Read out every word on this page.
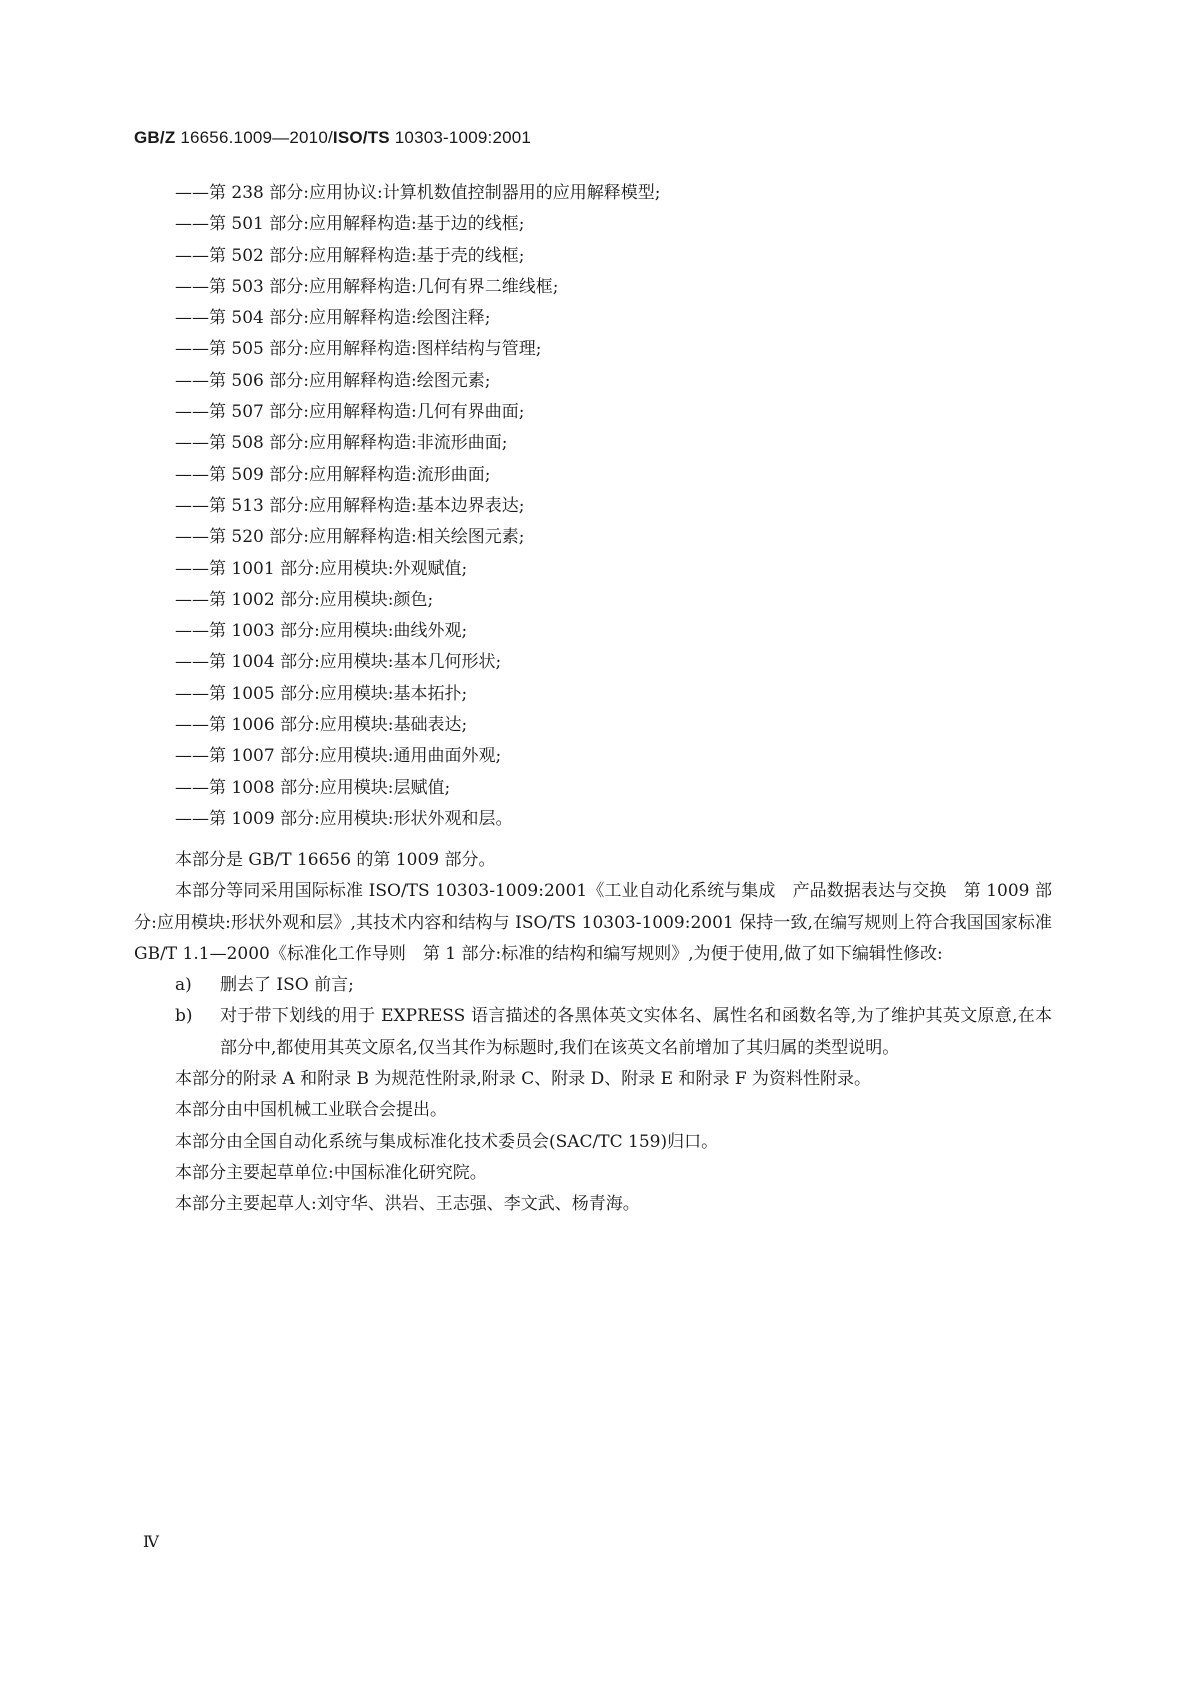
GB/Z 16656.1009—2010/ISO/TS 10303-1009:2001
——第 238 部分:应用协议:计算机数值控制器用的应用解释模型;
——第 501 部分:应用解释构造:基于边的线框;
——第 502 部分:应用解释构造:基于壳的线框;
——第 503 部分:应用解释构造:几何有界二维线框;
——第 504 部分:应用解释构造:绘图注释;
——第 505 部分:应用解释构造:图样结构与管理;
——第 506 部分:应用解释构造:绘图元素;
——第 507 部分:应用解释构造:几何有界曲面;
——第 508 部分:应用解释构造:非流形曲面;
——第 509 部分:应用解释构造:流形曲面;
——第 513 部分:应用解释构造:基本边界表达;
——第 520 部分:应用解释构造:相关绘图元素;
——第 1001 部分:应用模块:外观赋值;
——第 1002 部分:应用模块:颜色;
——第 1003 部分:应用模块:曲线外观;
——第 1004 部分:应用模块:基本几何形状;
——第 1005 部分:应用模块:基本拓扑;
——第 1006 部分:应用模块:基础表达;
——第 1007 部分:应用模块:通用曲面外观;
——第 1008 部分:应用模块:层赋值;
——第 1009 部分:应用模块:形状外观和层。

本部分是 GB/T 16656 的第 1009 部分。

本部分等同采用国际标准 ISO/TS 10303-1009:2001《工业自动化系统与集成　产品数据表达与交换　第 1009 部分:应用模块:形状外观和层》,其技术内容和结构与 ISO/TS 10303-1009:2001 保持一致,在编写规则上符合我国国家标准 GB/T 1.1—2000《标准化工作导则　第 1 部分:标准的结构和编写规则》,为便于使用,做了如下编辑性修改:

a) 删去了 ISO 前言;
b) 对于带下划线的用于 EXPRESS 语言描述的各黑体英文实体名、属性名和函数名等,为了维护其英文原意,在本部分中,都使用其英文原名,仅当其作为标题时,我们在该英文名前增加了其归属的类型说明。

本部分的附录 A 和附录 B 为规范性附录,附录 C、附录 D、附录 E 和附录 F 为资料性附录。

本部分由中国机械工业联合会提出。

本部分由全国自动化系统与集成标准化技术委员会(SAC/TC 159)归口。

本部分主要起草单位:中国标准化研究院。

本部分主要起草人:刘守华、洪岩、王志强、李文武、杨青海。

Ⅳ
